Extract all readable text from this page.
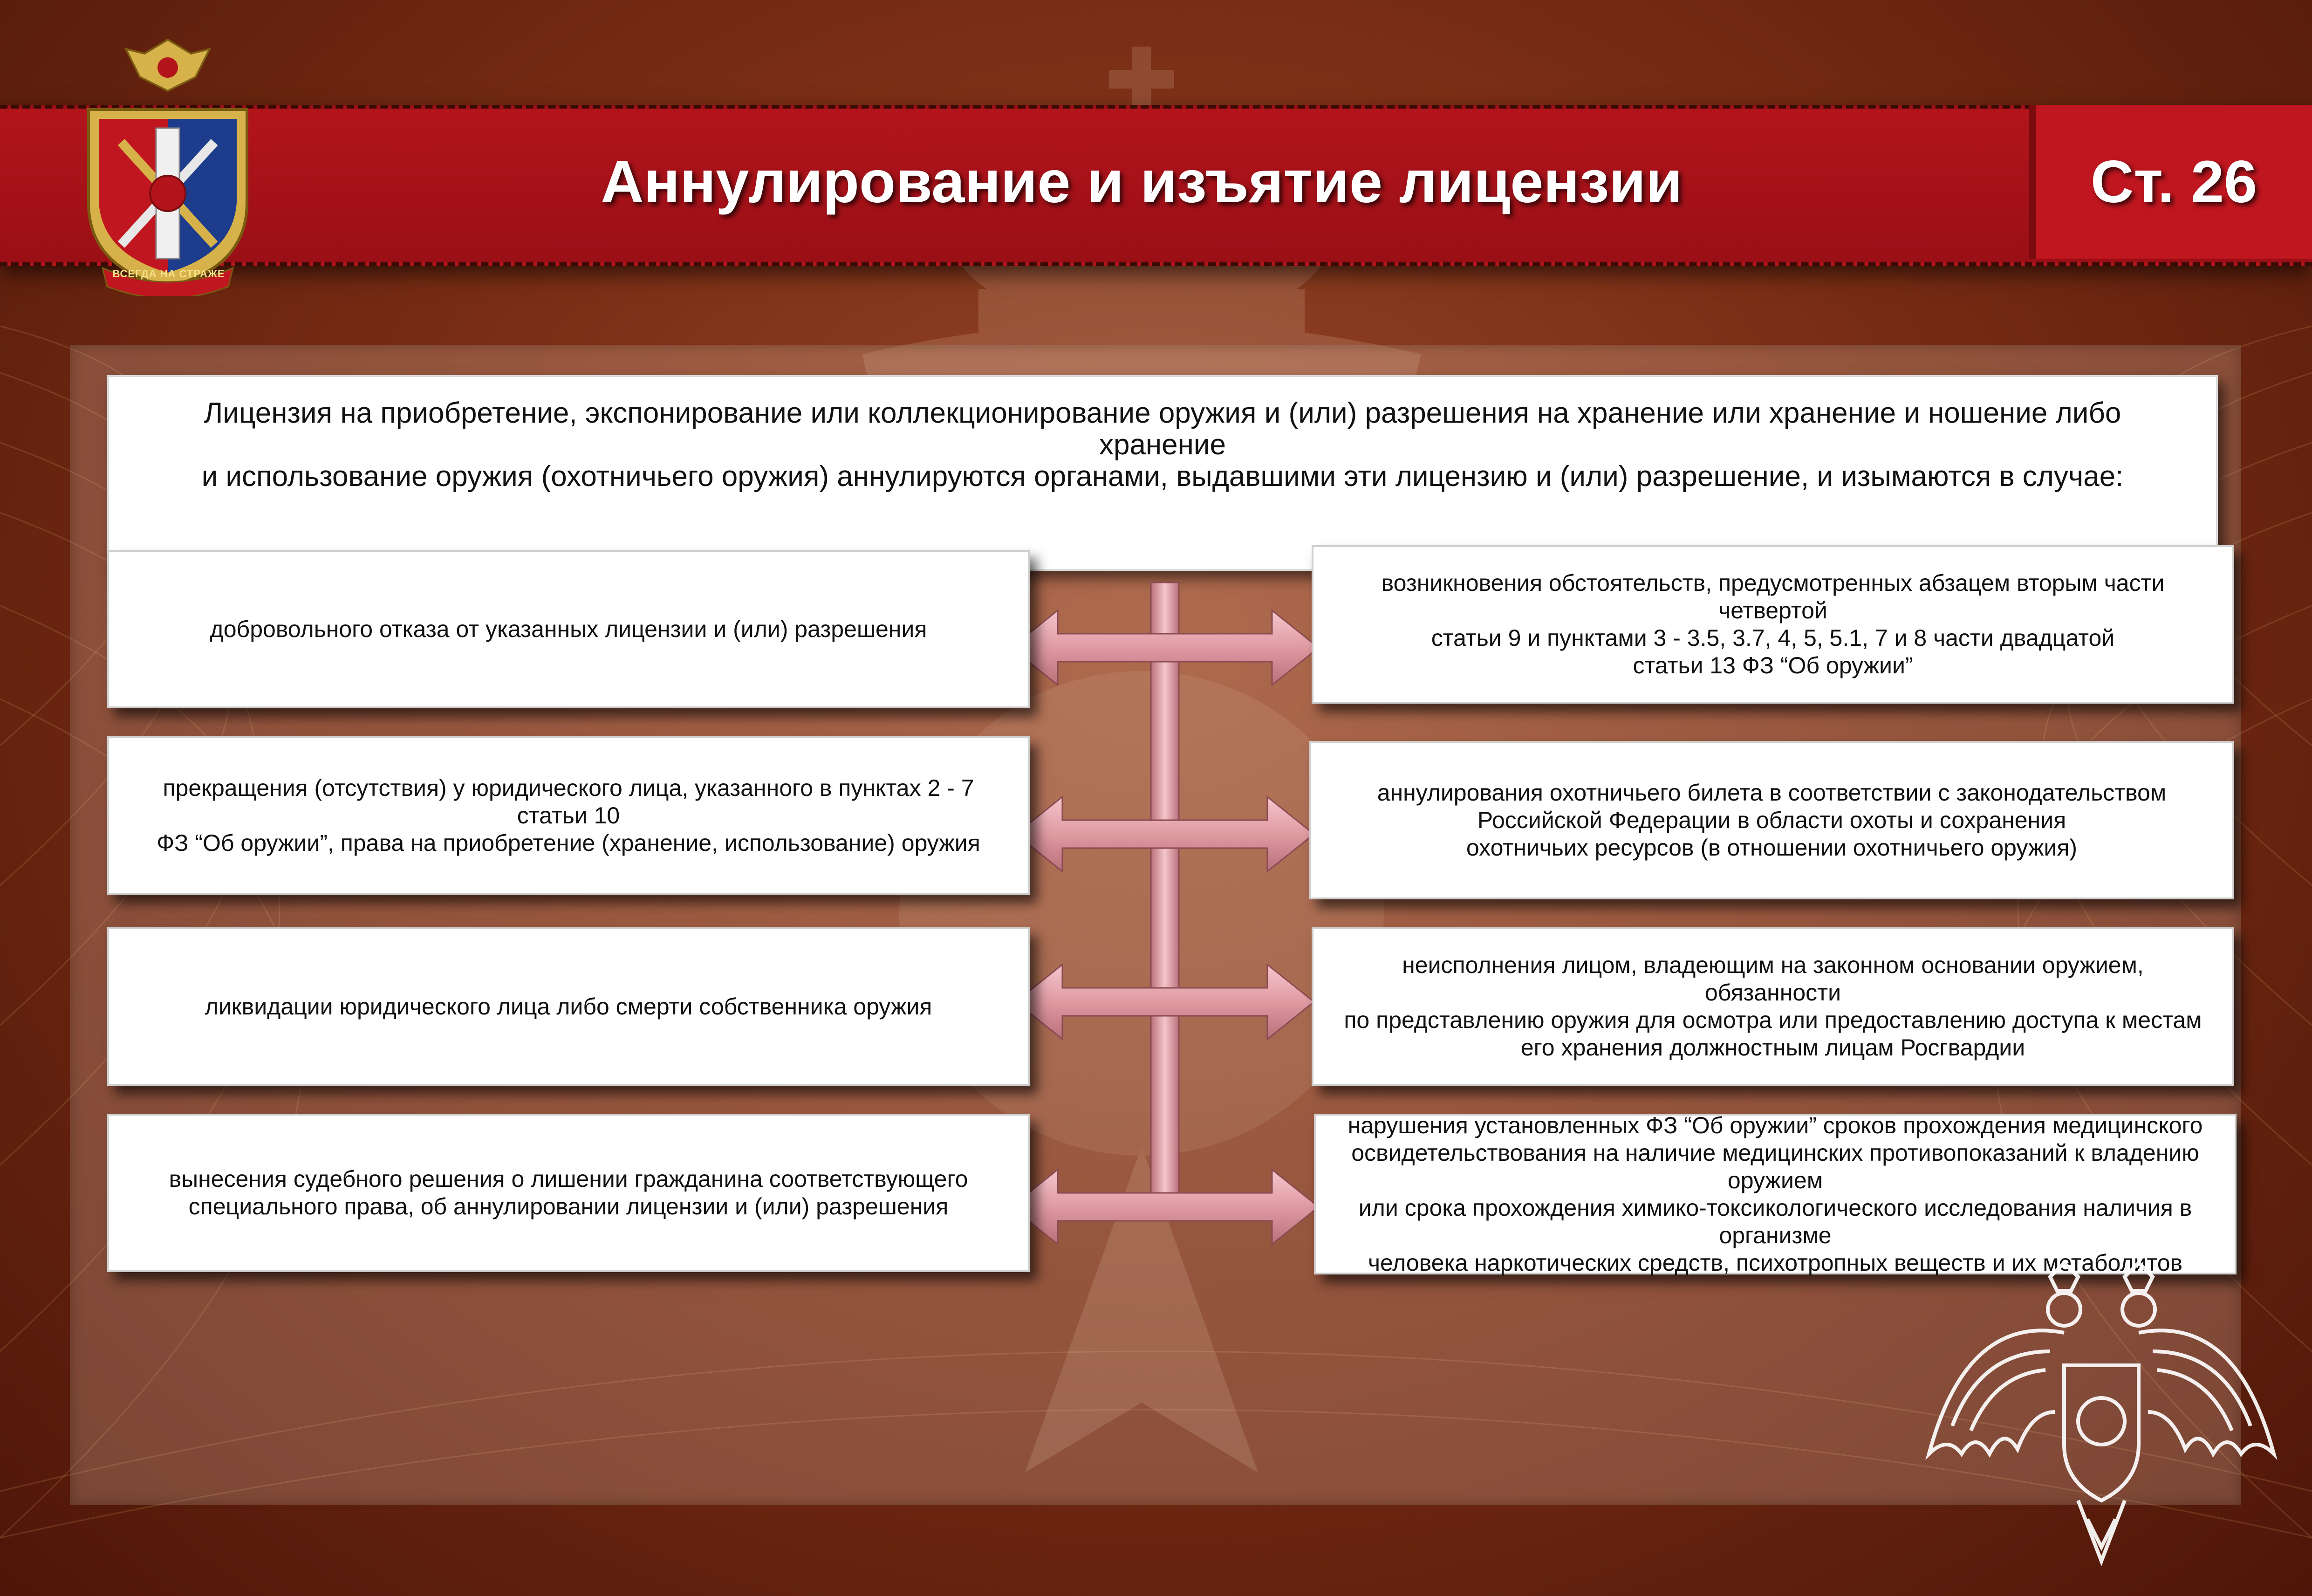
Аннулирование и изъятие лицензии	Ст. 26
ВСЕГДА НА СТРАЖЕ
Лицензия на приобретение, экспонирование или коллекционирование оружия и (или) разрешения на хранение или хранение и ношение либо хранение
и использование оружия (охотничьего оружия) аннулируются органами, выдавшими эти лицензию и (или) разрешение, и изымаются в случае:
добровольного отказа от указанных лицензии и (или) разрешения
прекращения (отсутствия) у юридического лица, указанного в пунктах 2 - 7 статьи 10
ФЗ “Об оружии”, права на приобретение (хранение, использование) оружия
ликвидации юридического лица либо смерти собственника оружия
вынесения судебного решения о лишении гражданина соответствующего
специального права, об аннулировании лицензии и (или) разрешения
возникновения обстоятельств, предусмотренных абзацем вторым части четвертой
статьи 9 и пунктами 3 - 3.5, 3.7, 4, 5, 5.1, 7 и 8 части двадцатой
статьи 13 ФЗ “Об оружии”
аннулирования охотничьего билета в соответствии с законодательством
Российской Федерации в области охоты и сохранения
охотничьих ресурсов (в отношении охотничьего оружия)
неисполнения лицом, владеющим на законном основании оружием, обязанности
по представлению оружия для осмотра или предоставлению доступа к местам
его хранения должностным лицам Росгвардии
нарушения установленных ФЗ “Об оружии” сроков прохождения медицинского
освидетельствования на наличие медицинских противопоказаний к владению оружием
или срока прохождения химико-токсикологического исследования наличия в организме
человека наркотических средств, психотропных веществ и их метаболитов
